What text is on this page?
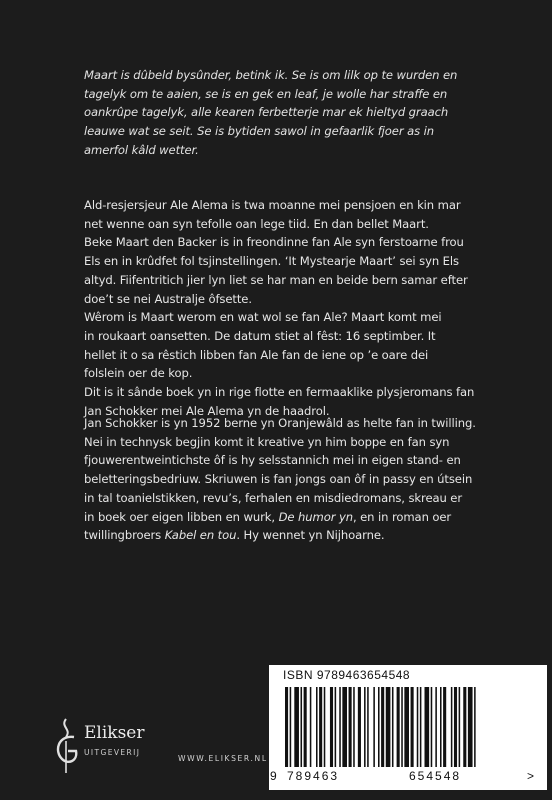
Maart is dûbeld bysûnder, betink ik. Se is om lilk op te wurden en

tagelyk om te aaien, se is en gek en leaf, je wolle har straffe en

oankrûpe tagelyk, alle kearen ferbetterje mar ek hieltyd graach

leauwe wat se seit. Se is bytiden sawol in gefaarlik fjoer as in

amerfol kâld wetter.

Ald-resjersjeur Ale Alema is twa moanne mei pensjoen en kin mar

net wenne oan syn tefolle oan lege tiid. En dan bellet Maart.

Beke Maart den Backer is in freondinne fan Ale syn ferstoarne frou

Els en in krûdfet fol tsjinstellingen. ‘It Mystearje Maart’ sei syn Els

altyd. Fiifentritich jier lyn liet se har man en beide bern samar efter

doe’t se nei Australje ôfsette.

Wêrom is Maart werom en wat wol se fan Ale? Maart komt mei

in roukaart oansetten. De datum stiet al fêst: 16 septimber. It

hellet it o sa rêstich libben fan Ale fan de iene op ’e oare dei

folslein oer de kop.

Dit is it sânde boek yn in rige flotte en fermaaklike plysjeromans fan

Jan Schokker mei Ale Alema yn de haadrol.

Jan Schokker is yn 1952 berne yn Oranjewâld as helte fan in twilling.

Nei in technysk begjin komt it kreative yn him boppe en fan syn

fjouwerentweintichste ôf is hy selsstannich mei in eigen stand- en

beletteringsbedriuw. Skriuwen is fan jongs oan ôf in passy en útsein

in tal toanielstikken, revu’s, ferhalen en misdiedromans, skreau er

in boek oer eigen libben en wurk, De humor yn, en in roman oer

twillingbroers Kabel en tou. Hy wennet yn Nijhoarne.

Elikser
UITGEVERIJ
WWW.ELIKSER.NL
ISBN 9789463654548
9 789463	654548	>
